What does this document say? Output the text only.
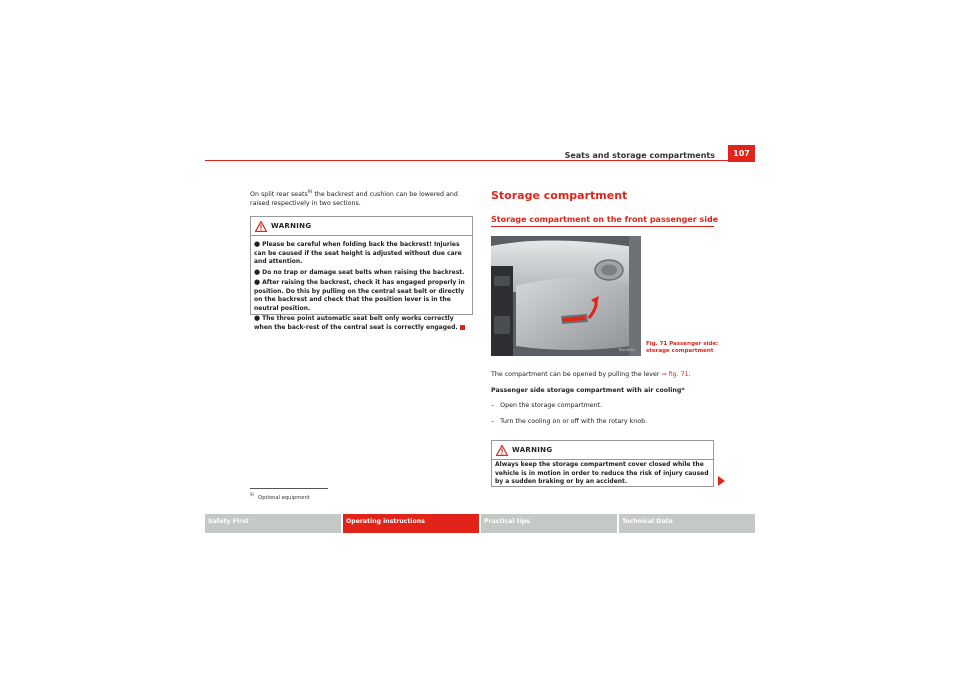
Seats and storage compartments	107
On split rear seats$^{9)}$ the backrest and cushion can be lowered and raised respectively in two sections.
WARNING
● Please be careful when folding back the backrest! Injuries can be caused if the seat height is adjusted without due care and attention.
● Do no trap or damage seat belts when raising the backrest.
● After raising the backrest, check it has engaged properly in position. Do this by pulling on the central seat belt or directly on the backrest and check that the position lever is in the neutral position.
● The three point automatic seat belt only works correctly when the back-rest of the central seat is correctly engaged.
$^{9)}$Optional equipment
Storage compartment
Storage compartment on the front passenger side
B6J-0030
Fig. 71 Passenger side:
storage compartment
The compartment can be opened by pulling the lever ⇒ fig. 71.
Passenger side storage compartment with air cooling*
– Open the storage compartment.
– Turn the cooling on or off with the rotary knob.
WARNING
Always keep the storage compartment cover closed while the vehicle is in motion in order to reduce the risk of injury caused by a sudden braking or by an accident.
Safety First	Operating instructions	Practical tips	Technical Data
